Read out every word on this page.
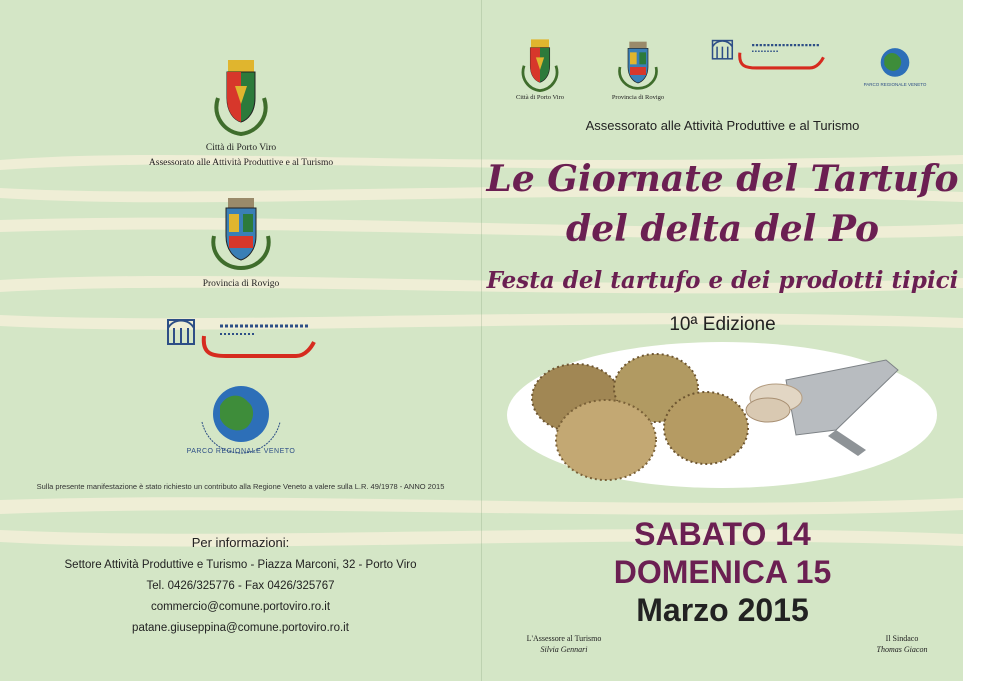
Città di Porto Viro
Assessorato alle Attività Produttive e al Turismo
Provincia di Rovigo
PARCO REGIONALE VENETO
Sulla presente manifestazione è stato richiesto un contributo alla Regione Veneto a valere sulla L.R. 49/1978 - ANNO 2015
Per informazioni:
Settore Attività Produttive e Turismo - Piazza Marconi, 32 - Porto Viro
Tel. 0426/325776 - Fax 0426/325767
commercio@comune.portoviro.ro.it
patane.giuseppina@comune.portoviro.ro.it
Città di Porto Viro	Provincia di Rovigo
PARCO REGIONALE VENETO
Assessorato alle Attività Produttive e al Turismo
Le Giornate del Tartufo
del delta del Po
Festa del tartufo e dei prodotti tipici
10ª Edizione
SABATO 14
DOMENICA 15
Marzo 2015
L'Assessore al Turismo
Silvia Gennari
Il Sindaco
Thomas Giacon
